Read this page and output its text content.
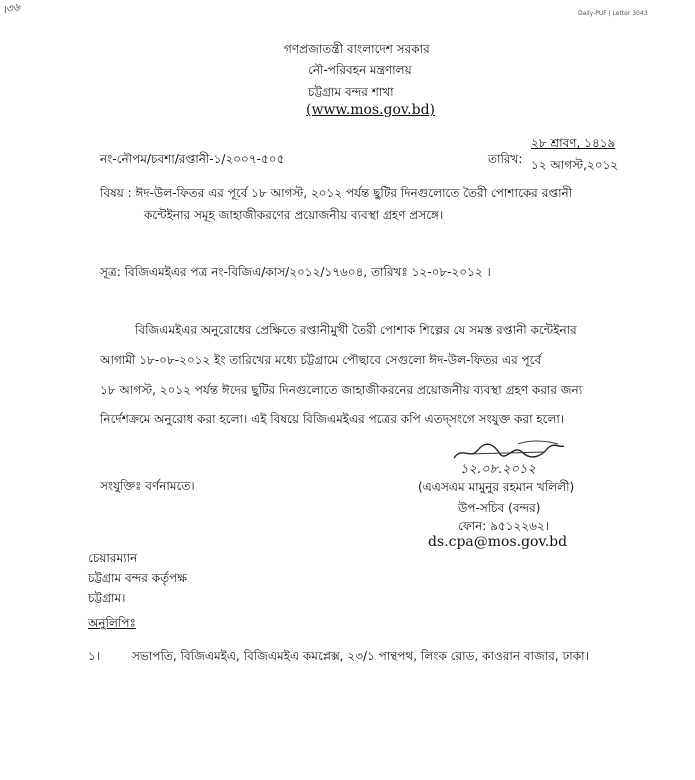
।৩৬	Daily-PUF | Letter 3043
গণপ্রজাতন্ত্রী বাংলাদেশ সরকার
নৌ-পরিবহন মন্ত্রণালয়
চট্টগ্রাম বন্দর শাখা
(www.mos.gov.bd)
নং-নৌপম/চবশা/রপ্তানী-১/২০০৭-৫০৫	তারিখ:
২৮ শ্রাবণ, ১৪১৯
১২ আগস্ট,২০১২
বিষয় : ঈদ-উল-ফিতর এর পূর্বে ১৮ আগস্ট, ২০১২ পর্যন্ত ছুটির দিনগুলোতে তৈরী পোশাকের রপ্তানী
কন্টেইনার সমূহ জাহাজীকরণের প্রয়োজনীয় ব্যবস্থা গ্রহণ প্রসঙ্গে।
সূত্র: বিজিএমইএর পত্র নং-বিজিএ/কাস/২০১২/১৭৬০৪, তারিখঃ ১২-০৮-২০১২ ।
বিজিএমইএর অনুরোধের প্রেক্ষিতে রপ্তানীমুখী তৈরী পোশাক শিল্পের যে সমস্ত রপ্তানী কন্টেইনার
আগামী ১৮-০৮-২০১২ ইং তারিখের মধ্যে চট্টগ্রামে পৌছাবে সেগুলো ঈদ-উল-ফিতর এর পূর্বে
১৮ আগস্ট, ২০১২ পর্যন্ত ঈদের ছুটির দিনগুলোতে জাহাজীকরনের প্রয়োজনীয় ব্যবস্থা গ্রহণ করার জন্য
নির্দেশক্রমে অনুরোধ করা হলো। এই বিষয়ে বিজিএমইএর পত্রের কপি এতদ্সংগে সংযুক্ত করা হলো।
সংযুক্তিঃ বর্ণনামতে।
১২.০৮.২০১২
(এএসএম মামুনুর রহমান খলিলী)
উপ-সচিব (বন্দর)
ফোন: ৯৫১২২৬২।
ds.cpa@mos.gov.bd
চেয়ারম্যান
চট্টগ্রাম বন্দর কর্তৃপক্ষ
চট্টগ্রাম।
অনুলিপিঃ
১।	সভাপতি, বিজিএমইএ, বিজিএমইএ কমপ্লেক্স, ২৩/১ পান্থপথ, লিংক রোড, কাওরান বাজার, ঢাকা।
